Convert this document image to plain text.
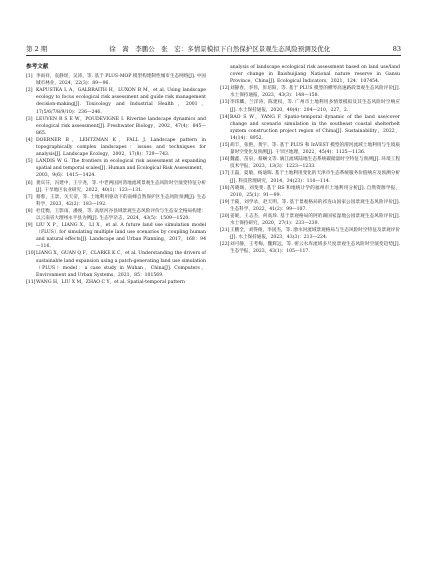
第 2 期	徐　嵩　李鹏公　张　宏：多情景模拟下自然保护区景观生态风险预测及优化	83
参考文献
[1] 李雨祥，袁静瑶，吴沛，等. 基于 PLUS-MOP 模型构建制性城市生态网络[J]. 中国城市林业，2024，22(3)：89—96.
[2] KAPUSTKA L A，GALBRAITH H，LUXON B M，et al. Using landscape ecology to focus ecological risk assessment and guide risk management decision-making[J]. Toxicology and Industrial Health，2001，17(5/6/7/8/9/10)：236—246.
[3] LEUVEN R S E W，POUDEVIGNE I. Riverine landscape dynamics and ecological risk assessment[J]. Freshwater Biology，2002，47(4)：845—865.
[4] DOERNER B，LEHTZMAN K，FALL J. Landscape pattern in topographically complex landscapes：issues and techniques for analysis[J]. Landscape Ecology，2002，17(8)：729—743.
[5] LANDIS W G. The frontiers in ecological risk assessment at expanding spatial and temporal scales[J]. Human and Ecological Risk Assessment，2003，9(6)：1415—1424.
[6] 龚宾芬，冯建中，王宇尧，等. 中老两国河湾地流域景观生态风险时空演变特征分析[J]. 干旱地区农业研究，2022，40(1)：123—131.
[7] 蔡蓉，王景，关天帝，等. 土地利用驱动下的南峰自然保护区生态风险预测[J]. 生态科学，2023，42(2)：183—192.
[8] 杜佳衡，王影雨，潘俊，等. 高原河谷县域景观生态风险评价与生态安全格局构建：以云南省大理州永平县为例[J]. 生态学杂志，2024，43(5)：1509—1520.
[9] LIU X P，LIANG X，LI X，et al. A future land use simulation model（FLUS）for simulating multiple land use scenarios by coupling human and natural effects[J]. Landscape and Urban Planning，2017，168：94—116.
[10] LIANG X，GUAN Q F，CLARKE K C，et al. Understanding the drivers of sustainable land expansion using a patch-generating land use simulation（PLUS）model：a case study in Wuhan，China[J]. Computers，Environment and Urban Systems，2021，85：101569.
[11] WANG H，LIU X M，ZHAO C Y，et al. Spatial-temporal pattern
analysis of landscape ecological risk assessment based on land use/land cover change in Baishuijiang National nature reserve in Gansu Province，China[J]. Ecological Indicators，2021，124：107454.
[12] 刘静春，李伟，彭培阳，等. 基于 PLUS 模型的横琴高速路段景观生态风险评价[J]. 水土保持通报，2023，43(3)：148—158.
[13] 李玮麟，兰洋涛，陈建权，等. 广州市土地利用多情景模拟及其生态风险时空响应[J]. 水土保持通报，2020，40(4)：204—210，227，2.
[14] BAO S W，YANG F. Spatio-temporal dynamic of the land use/cover change and scenario simulation in the southeast coastal shelterbelt system construction project region of China[J]. Sustainability，2022，14(14)：8952.
[15] 胡丰，张艳，黄宇，等. 基于 PLUS 和 InVEST 模型的渭河流域土地利用与生境质量时空变化及预测[J]. 干旱区地理，2022，45(4)：1125—1136.
[16] 魏鑫，苗泉，蔡娴文等. 漓江流域陆地生态系统碳储量时空特征与预测[J]. 环境工程技术学报，2023，13(3)：1223—1233.
[17] 王磊，夏敏，杨迪晖. 基于土地利用变化的天津市生态系统服务价值响应及预测分析[J]. 科技管理研究，2014，34(23)：110—114.
[18] 芮晓旸，刘斐斐. 基于 RS 和地统计学的福州市土地利用分析[J]. 自然资源学报，2010，25(1)：91—99.
[19] 于筱，刘学录，赵天明，等. 基于景观格局的祁连山国家公园景观生态风险评价[J]. 生态科学，2022，41(2)：99—107.
[20] 姜妮，王志杰，何高珍. 基于景观格局的阿哈湖国家湿地公园景观生态风险评价[J]. 水土保持研究，2020，27(1)：233—239.
[21] 王鹏全，刘得俊，李国杰，等. 渤水河流域景观格局与生态风险时空特征及景观评价[J]. 水土保持通报，2023，43(3)：213—224.
[22] 刘可静，王考梅，魏辉远，等. 密云水库流域多尺度景观生态风险时空演变趋势[J]. 生态学报，2023，43(1)：105—117.
